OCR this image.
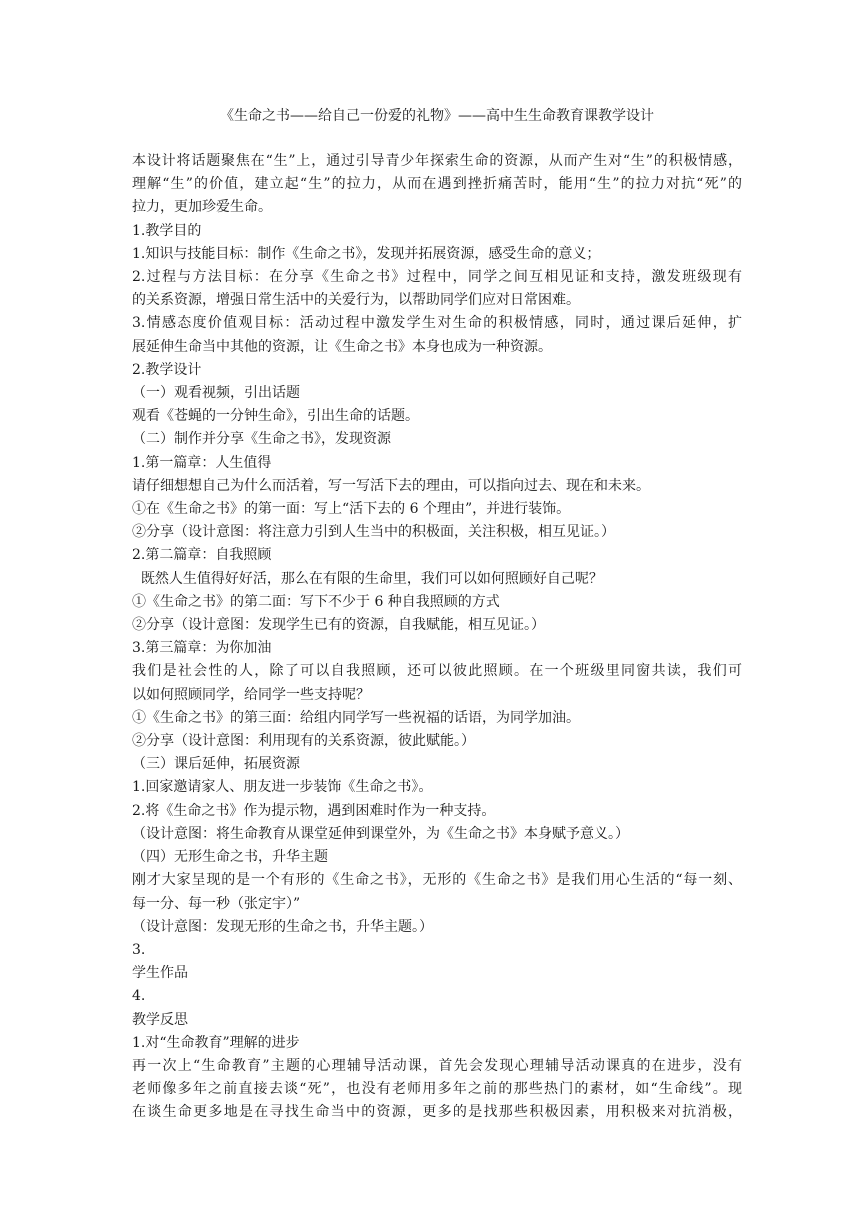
《生命之书——给自己一份爱的礼物》——高中生生命教育课教学设计
本设计将话题聚焦在“生”上，通过引导青少年探索生命的资源，从而产生对“生”的积极情感，
理解“生”的价值，建立起“生”的拉力，从而在遇到挫折痛苦时，能用“生”的拉力对抗“死”的
拉力，更加珍爱生命。
1.教学目的
1.知识与技能目标：制作《生命之书》，发现并拓展资源，感受生命的意义；
2.过程与方法目标：在分享《生命之书》过程中，同学之间互相见证和支持，激发班级现有
的关系资源，增强日常生活中的关爱行为，以帮助同学们应对日常困难。
3.情感态度价值观目标：活动过程中激发学生对生命的积极情感，同时，通过课后延伸，扩
展延伸生命当中其他的资源，让《生命之书》本身也成为一种资源。
2.教学设计
（一）观看视频，引出话题
观看《苍蝇的一分钟生命》，引出生命的话题。
（二）制作并分享《生命之书》，发现资源
1.第一篇章：人生值得
请仔细想想自己为什么而活着，写一写活下去的理由，可以指向过去、现在和未来。
①在《生命之书》的第一面：写上“活下去的 6 个理由”，并进行装饰。
②分享（设计意图：将注意力引到人生当中的积极面，关注积极，相互见证。）
2.第二篇章：自我照顾
既然人生值得好好活，那么在有限的生命里，我们可以如何照顾好自己呢？
①《生命之书》的第二面：写下不少于 6 种自我照顾的方式
②分享（设计意图：发现学生已有的资源，自我赋能，相互见证。）
3.第三篇章：为你加油
我们是社会性的人，除了可以自我照顾，还可以彼此照顾。在一个班级里同窗共读，我们可
以如何照顾同学，给同学一些支持呢？
①《生命之书》的第三面：给组内同学写一些祝福的话语，为同学加油。
②分享（设计意图：利用现有的关系资源，彼此赋能。）
（三）课后延伸，拓展资源
1.回家邀请家人、朋友进一步装饰《生命之书》。
2.将《生命之书》作为提示物，遇到困难时作为一种支持。
（设计意图：将生命教育从课堂延伸到课堂外，为《生命之书》本身赋予意义。）
（四）无形生命之书，升华主题
刚才大家呈现的是一个有形的《生命之书》，无形的《生命之书》是我们用心生活的“每一刻、
每一分、每一秒（张定宇）”
（设计意图：发现无形的生命之书，升华主题。）
3.
学生作品
4.
教学反思
1.对“生命教育”理解的进步
再一次上“生命教育”主题的心理辅导活动课，首先会发现心理辅导活动课真的在进步，没有
老师像多年之前直接去谈“死”，也没有老师用多年之前的那些热门的素材，如“生命线”。现
在谈生命更多地是在寻找生命当中的资源，更多的是找那些积极因素，用积极来对抗消极，
